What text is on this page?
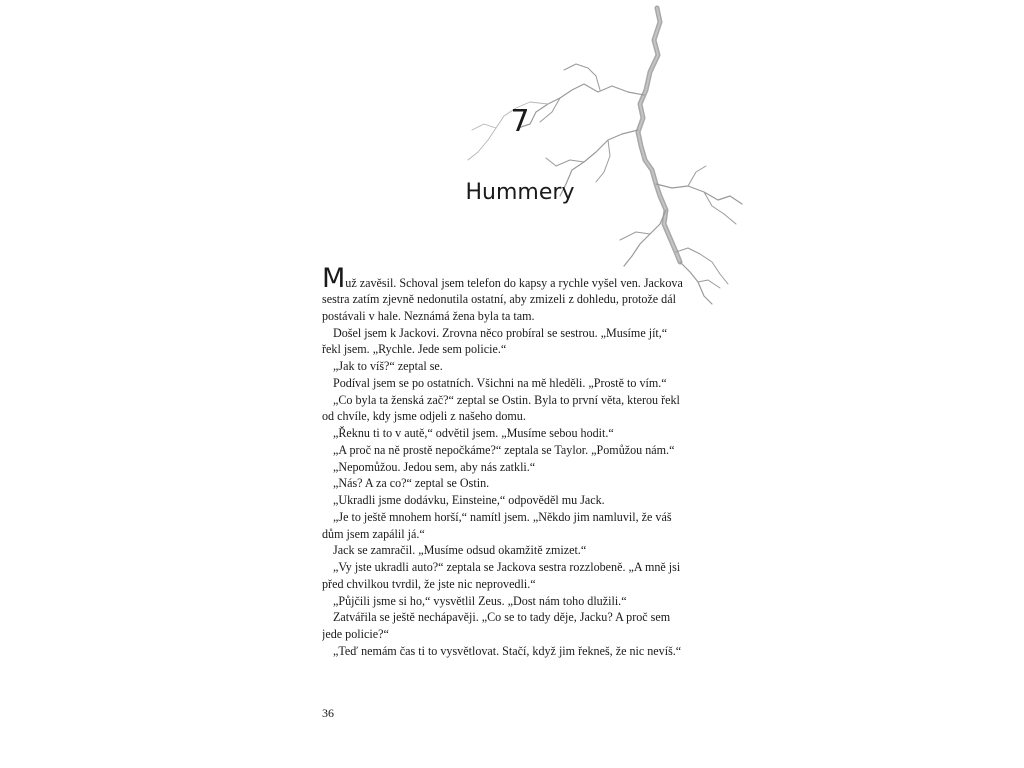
7
Hummery
Muž zavěsil. Schoval jsem telefon do kapsy a rychle vyšel ven. Jackova
sestra zatím zjevně nedonutila ostatní, aby zmizeli z dohledu, protože dál
postávali v hale. Neznámá žena byla ta tam.
Došel jsem k Jackovi. Zrovna něco probíral se sestrou. „Musíme jít,“
řekl jsem. „Rychle. Jede sem policie.“
„Jak to víš?“ zeptal se.
Podíval jsem se po ostatních. Všichni na mě hleděli. „Prostě to vím.“
„Co byla ta ženská zač?“ zeptal se Ostin. Byla to první věta, kterou řekl
od chvíle, kdy jsme odjeli z našeho domu.
„Řeknu ti to v autě,“ odvětil jsem. „Musíme sebou hodit.“
„A proč na ně prostě nepočkáme?“ zeptala se Taylor. „Pomůžou nám.“
„Nepomůžou. Jedou sem, aby nás zatkli.“
„Nás? A za co?“ zeptal se Ostin.
„Ukradli jsme dodávku, Einsteine,“ odpověděl mu Jack.
„Je to ještě mnohem horší,“ namítl jsem. „Někdo jim namluvil, že váš
dům jsem zapálil já.“
Jack se zamračil. „Musíme odsud okamžitě zmizet.“
„Vy jste ukradli auto?“ zeptala se Jackova sestra rozzlobeně. „A mně jsi
před chvilkou tvrdil, že jste nic neprovedli.“
„Půjčili jsme si ho,“ vysvětlil Zeus. „Dost nám toho dlužili.“
Zatvářila se ještě nechápavěji. „Co se to tady děje, Jacku? A proč sem
jede policie?“
„Teď nemám čas ti to vysvětlovat. Stačí, když jim řekneš, že nic nevíš.“
36
